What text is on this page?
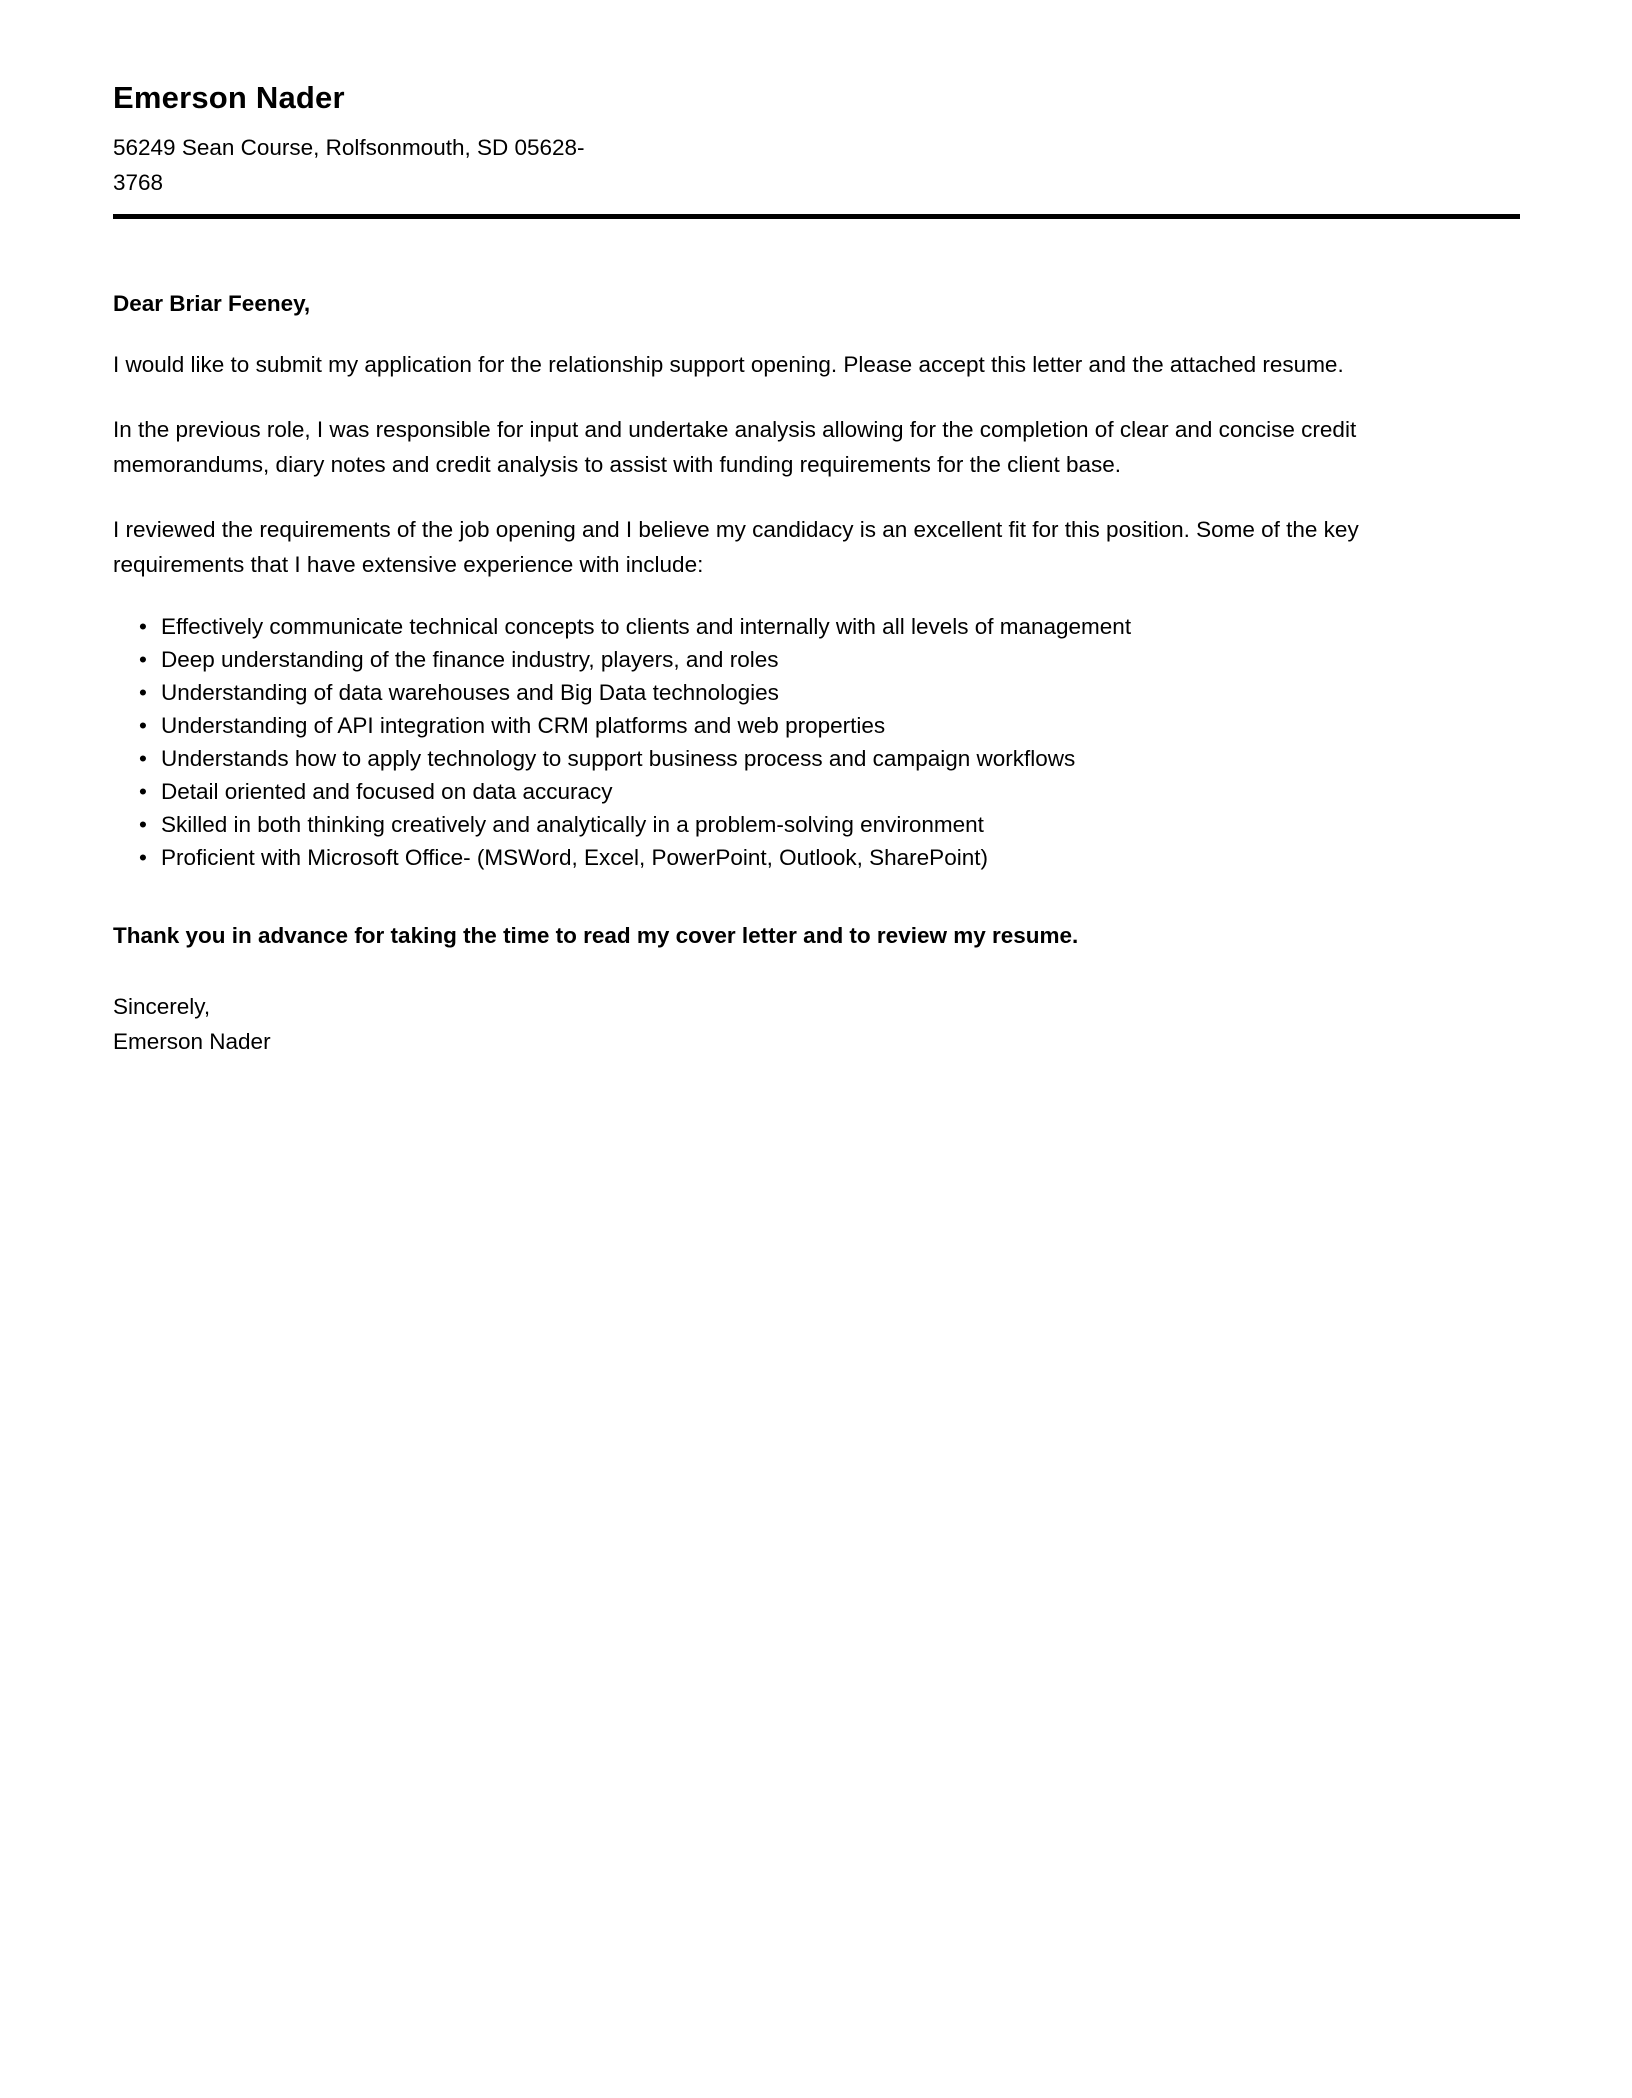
Emerson Nader
56249 Sean Course, Rolfsonmouth, SD 05628-
3768
Dear Briar Feeney,

I would like to submit my application for the relationship support opening. Please accept this letter and the attached resume.

In the previous role, I was responsible for input and undertake analysis allowing for the completion of clear and concise credit memorandums, diary notes and credit analysis to assist with funding requirements for the client base.

I reviewed the requirements of the job opening and I believe my candidacy is an excellent fit for this position. Some of the key requirements that I have extensive experience with include:

• Effectively communicate technical concepts to clients and internally with all levels of management
• Deep understanding of the finance industry, players, and roles
• Understanding of data warehouses and Big Data technologies
• Understanding of API integration with CRM platforms and web properties
• Understands how to apply technology to support business process and campaign workflows
• Detail oriented and focused on data accuracy
• Skilled in both thinking creatively and analytically in a problem-solving environment
• Proficient with Microsoft Office- (MSWord, Excel, PowerPoint, Outlook, SharePoint)
Thank you in advance for taking the time to read my cover letter and to review my resume.
Sincerely,
Emerson Nader
